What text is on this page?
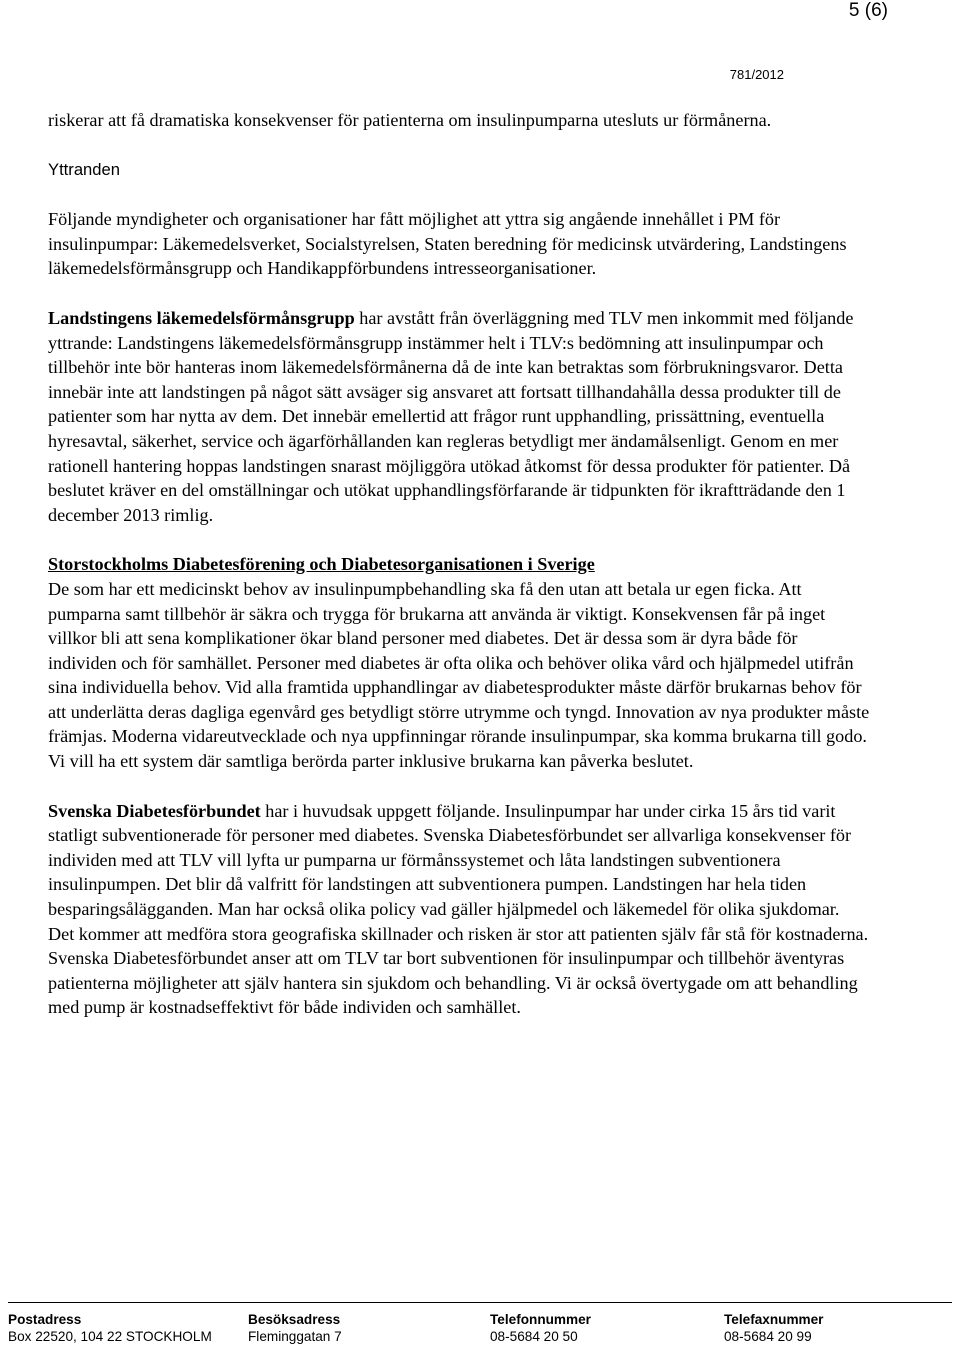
5 (6)
781/2012

riskerar att få dramatiska konsekvenser för patienterna om insulinpumparna utesluts ur förmånerna.

Yttranden

Följande myndigheter och organisationer har fått möjlighet att yttra sig angående innehållet i PM för insulinpumpar: Läkemedelsverket, Socialstyrelsen, Staten beredning för medicinsk utvärdering, Landstingens läkemedelsförmånsgrupp och Handikappförbundens intresseorganisationer.

Landstingens läkemedelsförmånsgrupp har avstått från överläggning med TLV men inkommit med följande yttrande: Landstingens läkemedelsförmånsgrupp instämmer helt i TLV:s bedömning att insulinpumpar och tillbehör inte bör hanteras inom läkemedelsförmånerna då de inte kan betraktas som förbrukningsvaror. Detta innebär inte att landstingen på något sätt avsäger sig ansvaret att fortsatt tillhandahålla dessa produkter till de patienter som har nytta av dem. Det innebär emellertid att frågor runt upphandling, prissättning, eventuella hyresavtal, säkerhet, service och ägarförhållanden kan regleras betydligt mer ändamålsenligt. Genom en mer rationell hantering hoppas landstingen snarast möjliggöra utökad åtkomst för dessa produkter för patienter. Då beslutet kräver en del omställningar och utökat upphandlingsförfarande är tidpunkten för ikraftträdande den 1 december 2013 rimlig.

Storstockholms Diabetesförening och Diabetesorganisationen i Sverige

De som har ett medicinskt behov av insulinpumpbehandling ska få den utan att betala ur egen ficka. Att pumparna samt tillbehör är säkra och trygga för brukarna att använda är viktigt. Konsekvensen får på inget villkor bli att sena komplikationer ökar bland personer med diabetes. Det är dessa som är dyra både för individen och för samhället. Personer med diabetes är ofta olika och behöver olika vård och hjälpmedel utifrån sina individuella behov. Vid alla framtida upphandlingar av diabetesprodukter måste därför brukarnas behov för att underlätta deras dagliga egenvård ges betydligt större utrymme och tyngd. Innovation av nya produkter måste främjas. Moderna vidareutvecklade och nya uppfinningar rörande insulinpumpar, ska komma brukarna till godo. Vi vill ha ett system där samtliga berörda parter inklusive brukarna kan påverka beslutet.

Svenska Diabetesförbundet har i huvudsak uppgett följande. Insulinpumpar har under cirka 15 års tid varit statligt subventionerade för personer med diabetes. Svenska Diabetesförbundet ser allvarliga konsekvenser för individen med att TLV vill lyfta ur pumparna ur förmånssystemet och låta landstingen subventionera insulinpumpen. Det blir då valfritt för landstingen att subventionera pumpen. Landstingen har hela tiden besparingsålägganden. Man har också olika policy vad gäller hjälpmedel och läkemedel för olika sjukdomar. Det kommer att medföra stora geografiska skillnader och risken är stor att patienten själv får stå för kostnaderna. Svenska Diabetesförbundet anser att om TLV tar bort subventionen för insulinpumpar och tillbehör äventyras patienterna möjligheter att själv hantera sin sjukdom och behandling. Vi är också övertygade om att behandling med pump är kostnadseffektivt för både individen och samhället.

Postadress
Box 22520, 104 22 STOCKHOLM
Besöksadress
Fleminggatan 7
Telefonnummer
08-5684 20 50
Telefaxnummer
08-5684 20 99
